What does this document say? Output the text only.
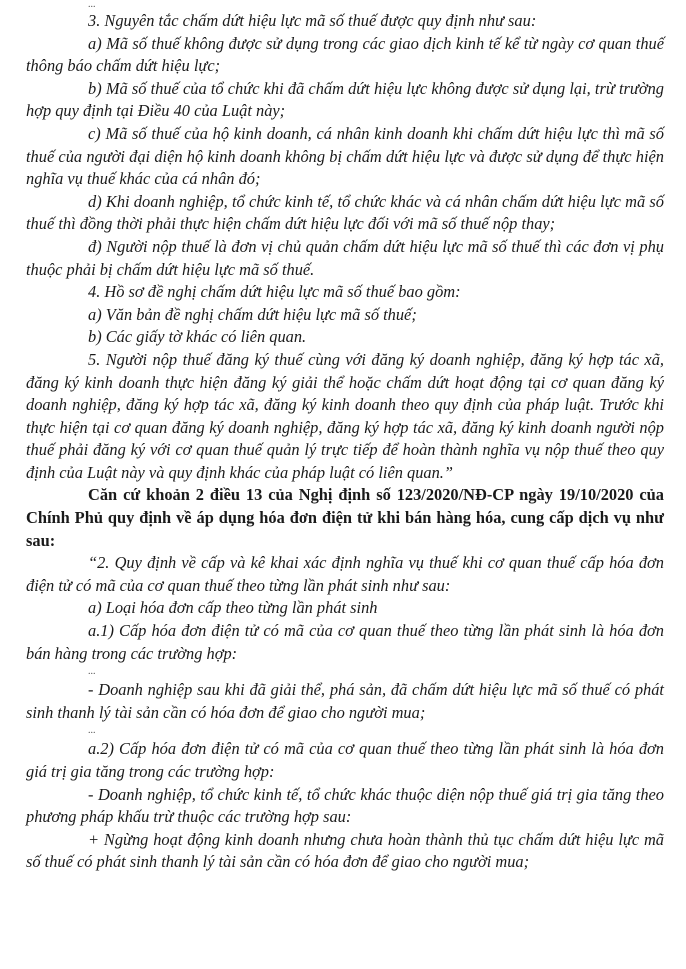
...

3. Nguyên tắc chấm dứt hiệu lực mã số thuế được quy định như sau:

a) Mã số thuế không được sử dụng trong các giao dịch kinh tế kể từ ngày cơ quan thuế thông báo chấm dứt hiệu lực;

b) Mã số thuế của tổ chức khi đã chấm dứt hiệu lực không được sử dụng lại, trừ trường hợp quy định tại Điều 40 của Luật này;

c) Mã số thuế của hộ kinh doanh, cá nhân kinh doanh khi chấm dứt hiệu lực thì mã số thuế của người đại diện hộ kinh doanh không bị chấm dứt hiệu lực và được sử dụng để thực hiện nghĩa vụ thuế khác của cá nhân đó;

d) Khi doanh nghiệp, tổ chức kinh tế, tổ chức khác và cá nhân chấm dứt hiệu lực mã số thuế thì đồng thời phải thực hiện chấm dứt hiệu lực đối với mã số thuế nộp thay;

đ) Người nộp thuế là đơn vị chủ quản chấm dứt hiệu lực mã số thuế thì các đơn vị phụ thuộc phải bị chấm dứt hiệu lực mã số thuế.

4. Hồ sơ đề nghị chấm dứt hiệu lực mã số thuế bao gồm:

a) Văn bản đề nghị chấm dứt hiệu lực mã số thuế;

b) Các giấy tờ khác có liên quan.

5. Người nộp thuế đăng ký thuế cùng với đăng ký doanh nghiệp, đăng ký hợp tác xã, đăng ký kinh doanh thực hiện đăng ký giải thể hoặc chấm dứt hoạt động tại cơ quan đăng ký doanh nghiệp, đăng ký hợp tác xã, đăng ký kinh doanh theo quy định của pháp luật. Trước khi thực hiện tại cơ quan đăng ký doanh nghiệp, đăng ký hợp tác xã, đăng ký kinh doanh người nộp thuế phải đăng ký với cơ quan thuế quản lý trực tiếp để hoàn thành nghĩa vụ nộp thuế theo quy định của Luật này và quy định khác của pháp luật có liên quan.”

Căn cứ khoản 2 điều 13 của Nghị định số 123/2020/NĐ-CP ngày 19/10/2020 của Chính Phủ quy định về áp dụng hóa đơn điện tử khi bán hàng hóa, cung cấp dịch vụ như sau:

“2. Quy định về cấp và kê khai xác định nghĩa vụ thuế khi cơ quan thuế cấp hóa đơn điện tử có mã của cơ quan thuế theo từng lần phát sinh như sau:

a) Loại hóa đơn cấp theo từng lần phát sinh

a.1) Cấp hóa đơn điện tử có mã của cơ quan thuế theo từng lần phát sinh là hóa đơn bán hàng trong các trường hợp:

...

- Doanh nghiệp sau khi đã giải thể, phá sản, đã chấm dứt hiệu lực mã số thuế có phát sinh thanh lý tài sản cần có hóa đơn để giao cho người mua;

...

a.2) Cấp hóa đơn điện tử có mã của cơ quan thuế theo từng lần phát sinh là hóa đơn giá trị gia tăng trong các trường hợp:

- Doanh nghiệp, tổ chức kinh tế, tổ chức khác thuộc diện nộp thuế giá trị gia tăng theo phương pháp khấu trừ thuộc các trường hợp sau:

+ Ngừng hoạt động kinh doanh nhưng chưa hoàn thành thủ tục chấm dứt hiệu lực mã số thuế có phát sinh thanh lý tài sản cần có hóa đơn để giao cho người mua;
